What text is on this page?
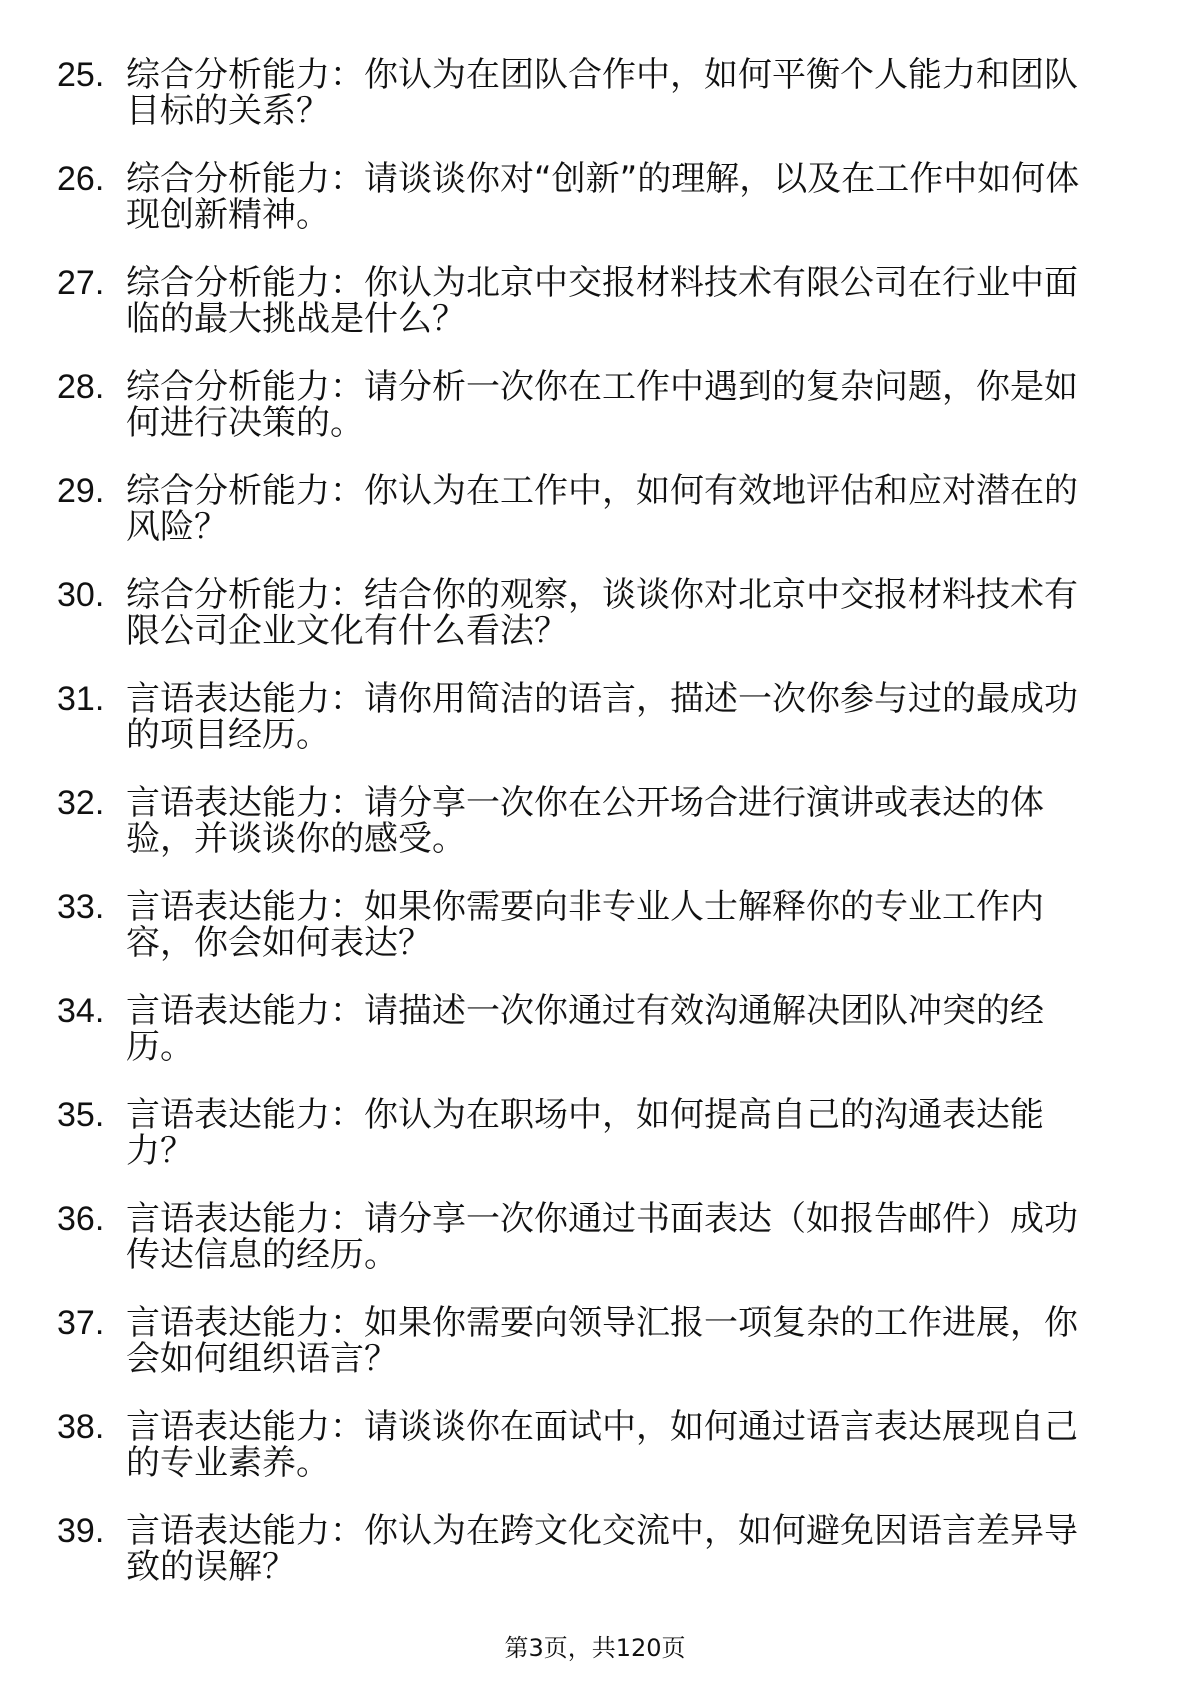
25. 综合分析能力：你认为在团队合作中，如何平衡个人能力和团队
目标的关系？
26. 综合分析能力：请谈谈你对“创新”的理解，以及在工作中如何体
现创新精神。
27. 综合分析能力：你认为北京中交报材料技术有限公司在行业中面
临的最大挑战是什么？
28. 综合分析能力：请分析一次你在工作中遇到的复杂问题，你是如
何进行决策的。
29. 综合分析能力：你认为在工作中，如何有效地评估和应对潜在的
风险？
30. 综合分析能力：结合你的观察，谈谈你对北京中交报材料技术有
限公司企业文化有什么看法？
31. 言语表达能力：请你用简洁的语言，描述一次你参与过的最成功
的项目经历。
32. 言语表达能力：请分享一次你在公开场合进行演讲或表达的体
验，并谈谈你的感受。
33. 言语表达能力：如果你需要向非专业人士解释你的专业工作内
容，你会如何表达？
34. 言语表达能力：请描述一次你通过有效沟通解决团队冲突的经
历。
35. 言语表达能力：你认为在职场中，如何提高自己的沟通表达能
力？
36. 言语表达能力：请分享一次你通过书面表达（如报告邮件）成功
传达信息的经历。
37. 言语表达能力：如果你需要向领导汇报一项复杂的工作进展，你
会如何组织语言？
38. 言语表达能力：请谈谈你在面试中，如何通过语言表达展现自己
的专业素养。
39. 言语表达能力：你认为在跨文化交流中，如何避免因语言差异导
致的误解？
第3页，共120页
